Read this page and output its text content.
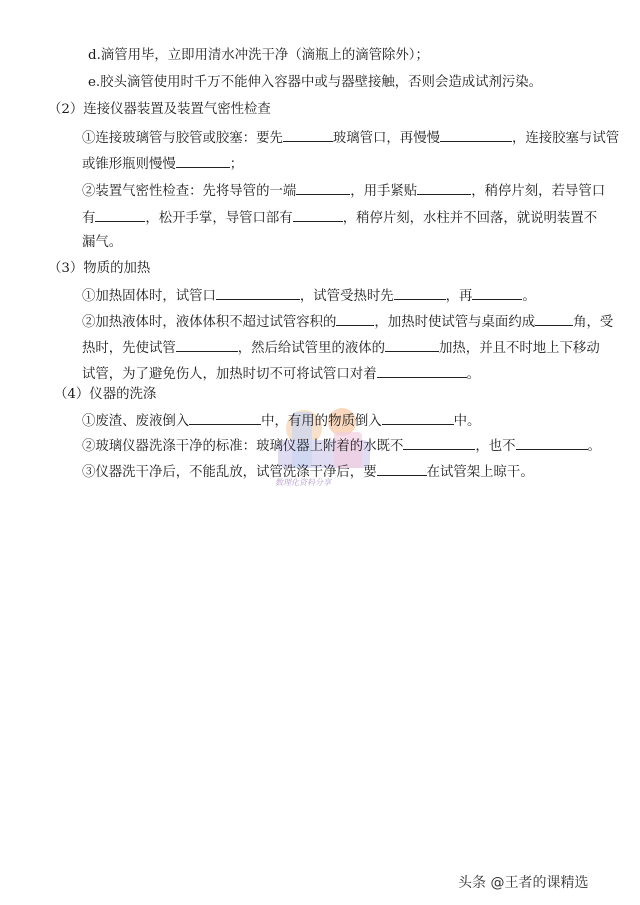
数理化资料分享
d.滴管用毕，立即用清水冲洗干净（滴瓶上的滴管除外）；
e.胶头滴管使用时千万不能伸入容器中或与器壁接触，否则会造成试剂污染。
（2）连接仪器装置及装置气密性检查
①连接玻璃管与胶管或胶塞：要先	玻璃管口，再慢慢	，连接胶塞与试管
或锥形瓶则慢慢	；
②装置气密性检查：先将导管的一端	，用手紧贴	，稍停片刻，若导管口
有	，松开手掌，导管口部有	，稍停片刻，水柱并不回落，就说明装置不
漏气。
（3）物质的加热
①加热固体时，试管口	，试管受热时先	，再	。
②加热液体时，液体体积不超过试管容积的	，加热时使试管与桌面约成	角，受
热时，先使试管	，然后给试管里的液体的	加热，并且不时地上下移动
试管，为了避免伤人，加热时切不可将试管口对着	。
（4）仪器的洗涤
①废渣、废液倒入	中，有用的物质倒入	中。
②玻璃仪器洗涤干净的标准：玻璃仪器上附着的水既不	，也不	。
③仪器洗干净后，不能乱放，试管洗涤干净后，要	在试管架上晾干。
头条 @王者的课精选
